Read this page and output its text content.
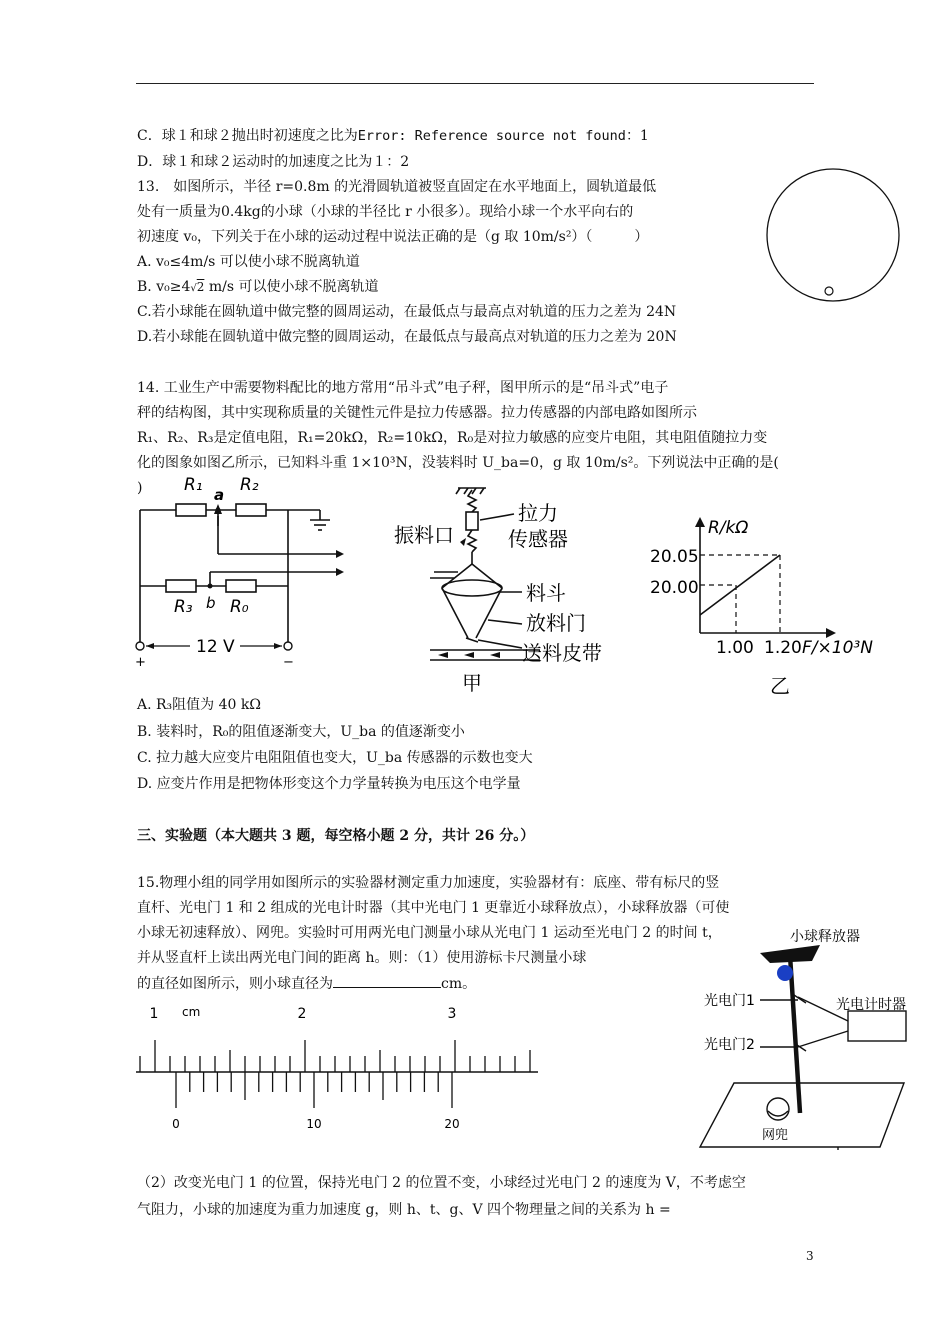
C．球１和球２抛出时初速度之比为Error: Reference source not found：1
D．球１和球２运动时的加速度之比为１：2
13.　如图所示，半径 r=0.8m 的光滑圆轨道被竖直固定在水平地面上，圆轨道最低
处有一质量为0.4kg的小球（小球的半径比 r 小很多）。现给小球一个水平向右的
初速度 v₀，下列关于在小球的运动过程中说法正确的是（g 取 10m/s²）（　　　）
A. v₀≤4m/s 可以使小球不脱离轨道
B. v₀≥4√2 m/s 可以使小球不脱离轨道
C.若小球能在圆轨道中做完整的圆周运动，在最低点与最高点对轨道的压力之差为 24N
D.若小球能在圆轨道中做完整的圆周运动，在最低点与最高点对轨道的压力之差为 20N
14. 工业生产中需要物料配比的地方常用“吊斗式”电子秤，图甲所示的是“吊斗式”电子
秤的结构图，其中实现称质量的关键性元件是拉力传感器。拉力传感器的内部电路如图所示
R₁、R₂、R₃是定值电阻，R₁=20kΩ，R₂=10kΩ，R₀是对拉力敏感的应变片电阻，其电阻值随拉力变
化的图象如图乙所示，已知料斗重 1×10³N，没装料时 U_ba=0，g 取 10m/s²。下列说法中正确的是(
) R₁ R₂
a
R₃ b R₀
12 V
+	−
振料口
拉力
传感器
料斗
放料门
送料皮带
甲
R/kΩ
20.05
20.00
1.00 1.20 F/×10³N
乙
A. R₃阻值为 40 kΩ
B. 装料时，R₀的阻值逐渐变大，U_ba 的值逐渐变小
C. 拉力越大应变片电阻阻值也变大，U_ba 传感器的示数也变大
D. 应变片作用是把物体形变这个力学量转换为电压这个电学量
三、实验题（本大题共 3 题，每空格小题 2 分，共计 26 分。）
15.物理小组的同学用如图所示的实验器材测定重力加速度，实验器材有：底座、带有标尺的竖
直杆、光电门 1 和 2 组成的光电计时器（其中光电门 1 更靠近小球释放点），小球释放器（可使
小球无初速释放）、网兜。实验时可用两光电门测量小球从光电门 1 运动至光电门 2 的时间 t，
并从竖直杆上读出两光电门间的距离 h。则：（1）使用游标卡尺测量小球
的直径如图所示，则小球直径为	cm。
cm
1	2	3
0	10	20
小球释放器
光电门1
光电门2
光电计时器
网兜
（2）改变光电门 1 的位置，保持光电门 2 的位置不变，小球经过光电门 2 的速度为 V，不考虑空
气阻力，小球的加速度为重力加速度 g，则 h、t、g、V 四个物理量之间的关系为 h =
3
